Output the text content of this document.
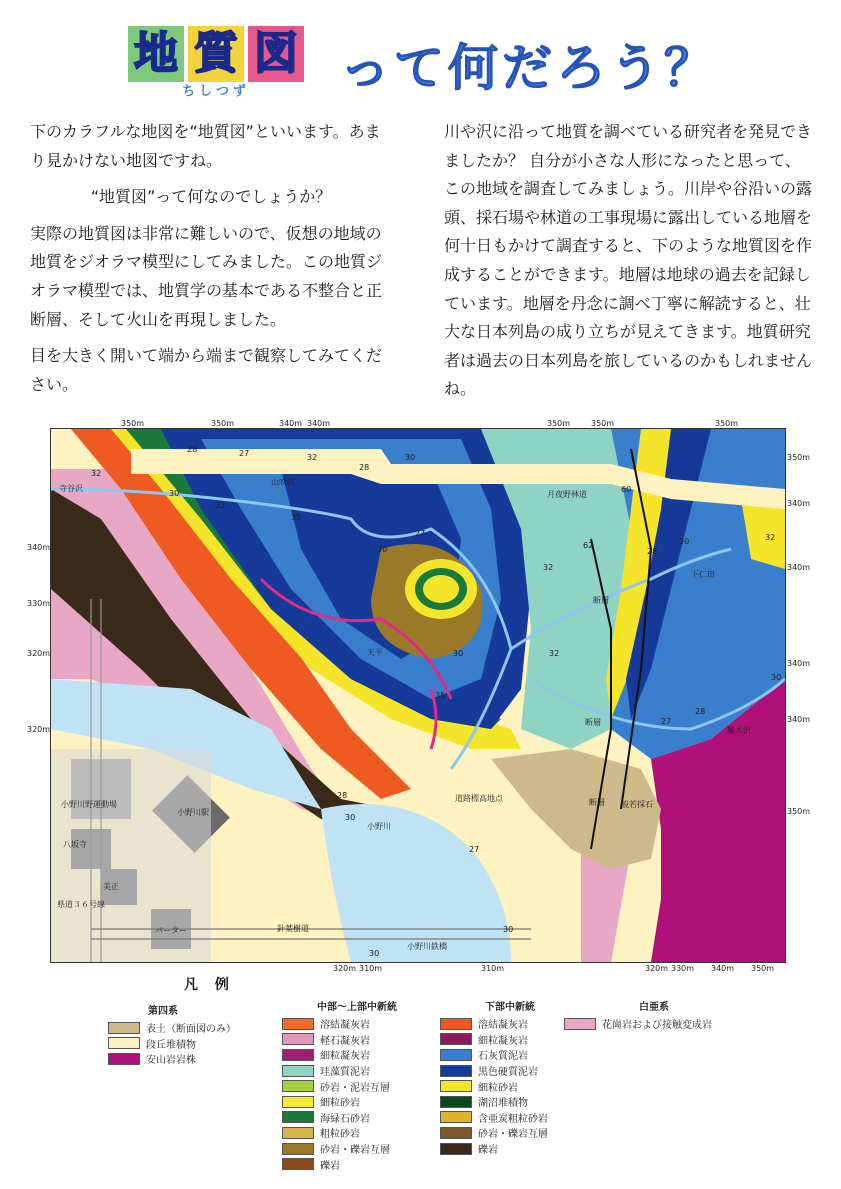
地 質 図
ちしつず って何だろう？

下のカラフルな地図を“地質図”といいます。あまり見かけない地図ですね。

“地質図”って何なのでしょうか？

実際の地質図は非常に難しいので、仮想の地域の地質をジオラマ模型にしてみました。この地質ジオラマ模型では、地質学の基本である不整合と正断層、そして火山を再現しました。

目を大きく開いて端から端まで観察してみてください。

川や沢に沿って地質を調べている研究者を発見できましたか？ 自分が小さな人形になったと思って、この地域を調査してみましょう。川岸や谷沿いの露頭、採石場や林道の工事現場に露出している地層を何十日もかけて調査すると、下のような地質図を作成することができます。地層は地球の過去を記録しています。地層を丹念に調べ丁寧に解読すると、壮大な日本列島の成り立ちが見えてきます。地質研究者は過去の日本列島を旅しているのかもしれませんね。

350m	350m	340m 340m	350m	350m	350m
320m 310m	310m	320m 330m 340m 350m
340m
330m
320m
320m
350m
340m
340m
340m
340m
350m
寺谷沢
山吹沢
月夜野林道
断層
断層
断層
下仁田
天平
小野川
針葉樹道
小野川鉄橋
道路標高地点
雑木沢
般若採石
小野川駅
小野川野運動場
八坂寺
美正
県道３６号線
パーター
28	27
32
30
32
35
30
27
32	30
28
32
35
28
30
27
30	32
60
62
28
30
27
28
30
30
30
32
凡 例
第四系
表土（断面図のみ）
段丘堆積物
安山岩岩株
中部～上部中新統
溶結凝灰岩
軽石凝灰岩
細粒凝灰岩
珪藻質泥岩
砂岩・泥岩互層
細粒砂岩
海緑石砂岩
粗粒砂岩
砂岩・礫岩互層
礫岩
下部中新統
溶結凝灰岩
細粒凝灰岩
石灰質泥岩
黒色硬質泥岩
細粒砂岩
湖沼堆積物
含亜炭粗粒砂岩
砂岩・礫岩互層
礫岩
白亜系
花崗岩および接触変成岩
